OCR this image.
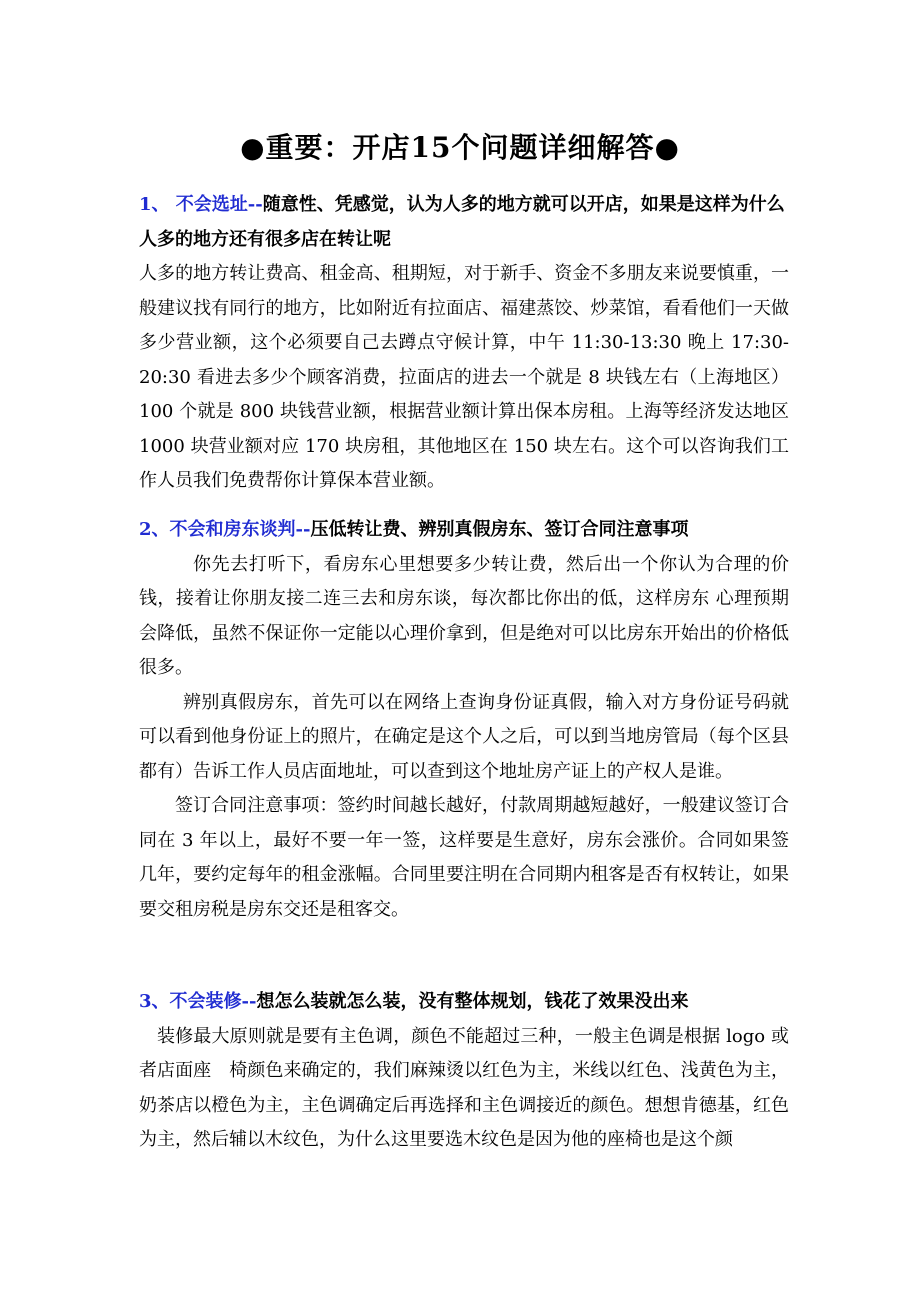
●重要：开店15个问题详细解答●
1、 不会选址--随意性、凭感觉，认为人多的地方就可以开店，如果是这样为什么人多的地方还有很多店在转让呢
人多的地方转让费高、租金高、租期短，对于新手、资金不多朋友来说要慎重，一般建议找有同行的地方，比如附近有拉面店、福建蒸饺、炒菜馆，看看他们一天做多少营业额，这个必须要自己去蹲点守候计算，中午 11:30-13:30 晚上 17:30-20:30 看进去多少个顾客消费，拉面店的进去一个就是 8 块钱左右（上海地区）100 个就是 800 块钱营业额，根据营业额计算出保本房租。上海等经济发达地区 1000 块营业额对应 170 块房租，其他地区在 150 块左右。这个可以咨询我们工作人员我们免费帮你计算保本营业额。
2、不会和房东谈判--压低转让费、辨别真假房东、签订合同注意事项
你先去打听下，看房东心里想要多少转让费，然后出一个你认为合理的价钱，接着让你朋友接二连三去和房东谈，每次都比你出的低，这样房东 心理预期会降低，虽然不保证你一定能以心理价拿到，但是绝对可以比房东开始出的价格低很多。
辨别真假房东，首先可以在网络上查询身份证真假，输入对方身份证号码就可以看到他身份证上的照片，在确定是这个人之后，可以到当地房管局（每个区县都有）告诉工作人员店面地址，可以查到这个地址房产证上的产权人是谁。
签订合同注意事项：签约时间越长越好，付款周期越短越好，一般建议签订合同在 3 年以上，最好不要一年一签，这样要是生意好，房东会涨价。合同如果签几年，要约定每年的租金涨幅。合同里要注明在合同期内租客是否有权转让，如果要交租房税是房东交还是租客交。
3、不会装修--想怎么装就怎么装，没有整体规划，钱花了效果没出来
装修最大原则就是要有主色调，颜色不能超过三种，一般主色调是根据 logo 或者店面座　椅颜色来确定的，我们麻辣烫以红色为主，米线以红色、浅黄色为主，奶茶店以橙色为主，主色调确定后再选择和主色调接近的颜色。想想肯德基，红色为主，然后辅以木纹色，为什么这里要选木纹色是因为他的座椅也是这个颜
